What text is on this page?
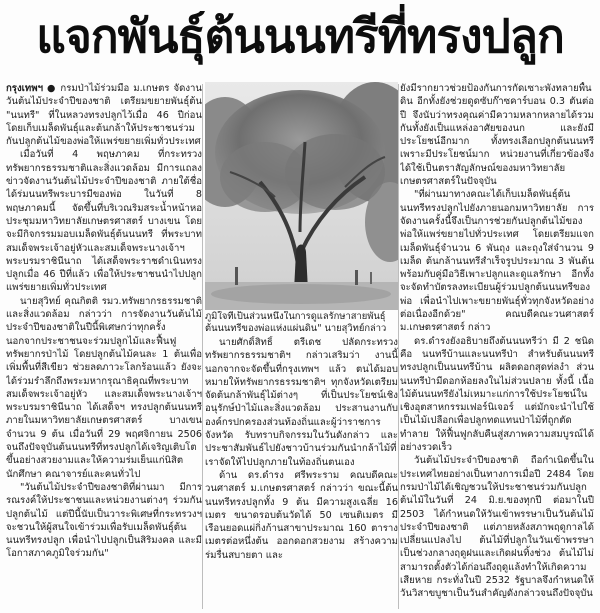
แจกพันธุ์ต้นนนทรีที่ทรงปลูก

กรุงเทพฯ ● กรมป่าไม้ร่วมมือ ม.เกษตร จัดงานวันต้นไม้ประจำปีของชาติ เตรียมขยายพันธุ์ต้น "นนทรี" ที่ในหลวงทรงปลูกไว้เมื่อ 46 ปีก่อน โดยเก็บเมล็ดพันธุ์และต้นกล้าให้ประชาชนร่วมกันปลูกต้นไม้ของพ่อให้แพร่ขยายเพิ่มทั่วประเทศ

เมื่อวันที่ 4 พฤษภาคม ที่กระทรวงทรัพยากรธรรมชาติและสิ่งแวดล้อม มีการแถลงข่าวจัดงานวันต้นไม้ประจำปีของชาติ ภายใต้ชื่อ ได้ร่มนนทรีพระบารมีของพ่อ ในวันที่ 8 พฤษภาคมนี้ จัดขึ้นที่บริเวณริมสระน้ำหน้าหอประชุมมหาวิทยาลัยเกษตรศาสตร์ บางเขน โดยจะมีกิจกรรมมอบเมล็ดพันธุ์ต้นนนทรี ที่พระบาทสมเด็จพระเจ้าอยู่หัวและสมเด็จพระนางเจ้าฯ พระบรมราชินีนาถ ได้เสด็จพระราชดำเนินทรงปลูกเมื่อ 46 ปีที่แล้ว เพื่อให้ประชาชนนำไปปลูกแพร่ขยายเพิ่มทั่วประเทศ

นายสุวิทย์ คุณกิตติ รมว.ทรัพยากรธรรมชาติและสิ่งแวดล้อม กล่าวว่า การจัดงานวันต้นไม้ประจำปีของชาติในปีนี้พิเศษกว่าทุกครั้ง นอกจากประชาชนจะร่วมปลูกไม้และฟื้นฟูทรัพยากรป่าไม้ โดยปลูกต้นไม้คนละ 1 ต้นเพื่อเพิ่มพื้นที่สีเขียว ช่วยลดภาวะโลกร้อนแล้ว ยังจะได้ร่วมรำลึกถึงพระมหากรุณาธิคุณที่พระบาทสมเด็จพระเจ้าอยู่หัว และสมเด็จพระนางเจ้าฯ พระบรมราชินีนาถ ได้เสด็จฯ ทรงปลูกต้นนนทรีภายในมหาวิทยาลัยเกษตรศาสตร์ บางเขน จำนวน 9 ต้น เมื่อวันที่ 29 พฤศจิกายน 2506 จนถึงปัจจุบันต้นนนทรีที่ทรงปลูกได้เจริญเติบโตขึ้นอย่างสวยงามและให้ความร่มเย็นแก่นิสิต นักศึกษา คณาจารย์และคนทั่วไป

"วันต้นไม้ประจำปีของชาติที่ผ่านมา มีการรณรงค์ให้ประชาชนและหน่วยงานต่างๆ ร่วมกันปลูกต้นไม้ แต่ปีนี้นับเป็นวาระพิเศษที่กระทรวงฯ จะชวนให้ผู้สนใจเข้าร่วมเพื่อรับเมล็ดพันธุ์ต้นนนทรีทรงปลูก เพื่อนำไปปลูกเป็นสิริมงคล และมีโอกาสภาคภูมิใจร่วมกัน"

ภูมิใจที่เป็นส่วนหนึ่งในการดูแลรักษาสายพันธุ์ต้นนนทรีของพ่อแห่งแผ่นดิน" นายสุวิทย์กล่าว

นายศักดิ์สิทธิ์ ตรีเดช ปลัดกระทรวงทรัพยากรธรรมชาติฯ กล่าวเสริมว่า งานนี้นอกจากจะจัดขึ้นที่กรุงเทพฯ แล้ว ตนได้มอบหมายให้ทรัพยากรธรรมชาติฯ ทุกจังหวัดเตรียมจัดต้นกล้าพันธุ์ไม้ต่างๆ ที่เป็นประโยชน์เชิงอนุรักษ์ป่าไม้และสิ่งแวดล้อม ประสานงานกับองค์กรปกครองส่วนท้องถิ่นและผู้ว่าราชการจังหวัด รับทราบกิจกรรมในวันดังกล่าว และประชาสัมพันธ์ไปยังชาวบ้านร่วมกันนำกล้าไม้ที่เราจัดให้ไปปลูกภายในท้องถิ่นตนเอง

ด้าน ดร.ดำรง ศรีพระราม คณบดีคณะวนศาสตร์ ม.เกษตรศาสตร์ กล่าวว่า ขณะนี้ต้นนนทรีทรงปลูกทั้ง 9 ต้น มีความสูงเฉลี่ย 16 เมตร ขนาดรอบต้นวัดได้ 50 เซนติเมตร มีเรือนยอดแผ่กิ่งก้านสาขาประมาณ 160 ตารางเมตรต่อหนึ่งต้น ออกดอกสวยงาม สร้างความร่มรื่นสบายตา และ

ยังมีรากยาวช่วยป้องกันการกัดเซาะพังทลายพื้นดิน อีกทั้งยังช่วยดูดซับก๊าซคาร์บอน 0.3 ตันต่อปี จึงนับว่าทรงคุณค่ามีความหลากหลายได้รวมกันทั้งยังเป็นแหล่งอาศัยของนก และยังมีประโยชน์อีกมาก ทั้งทรงเลือกปลูกต้นนนทรีเพราะมีประโยชน์มาก หน่วยงานที่เกี่ยวข้องจึงได้ใช้เป็นตราสัญลักษณ์ของมหาวิทยาลัยเกษตรศาสตร์ในปัจจุบัน

"ที่ผ่านมาทางคณะได้เก็บเมล็ดพันธุ์ต้นนนทรีทรงปลูกไปยังภายนอกมหาวิทยาลัย การจัดงานครั้งนี้จึงเป็นการช่วยกันปลูกต้นไม้ของพ่อให้แพร่ขยายไปทั่วประเทศ โดยเตรียมแจกเมล็ดพันธุ์จำนวน 6 พันถุง และถุงใส่จำนวน 9 เมล็ด ต้นกล้านนทรีสำเร็จรูปประมาณ 3 พันต้น พร้อมกับคู่มือวิธีเพาะปลูกและดูแลรักษา อีกทั้งจะจัดทำบัตรลงทะเบียนผู้ร่วมปลูกต้นนนทรีของพ่อ เพื่อนำไปเพาะขยายพันธุ์ทั่วทุกจังหวัดอย่างต่อเนื่องอีกด้วย" คณบดีคณะวนศาสตร์ ม.เกษตรศาสตร์ กล่าว

ดร.ดำรงยังอธิบายถึงต้นนนทรีว่า มี 2 ชนิด คือ นนทรีบ้านและนนทรีป่า สำหรับต้นนนทรีทรงปลูกเป็นนนทรีบ้าน ผลิตดอกสุดท่ลงำ ส่วนนนทรีป่ามีดอกห้อยลงในไม่ส่วนปลาย ทั้งนี้ เนื้อไม้ต้นนนทรียังไม่เหมาะแก่การใช้ประโยชน์ในเชิงอุตสาหกรรมเฟอร์นิเจอร์ แต่มักจะนำไปใช้เป็นไม้เปลือกเพื่อปลูกทดแทนป่าไม้ที่ถูกตัดทำลาย ให้ฟื้นฟูกลับคืนสู่สภาพความสมบูรณ์ได้อย่างรวดเร็ว

วันต้นไม้ประจำปีของชาติ ถือกำเนิดขึ้นในประเทศไทยอย่างเป็นทางการเมื่อปี 2484 โดยกรมป่าไม้ได้เชิญชวนให้ประชาชนร่วมกันปลูกต้นไม้ในวันที่ 24 มิ.ย.ของทุกปี ต่อมาในปี 2503 ได้กำหนดให้วันเข้าพรรษาเป็นวันต้นไม้ประจำปีของชาติ แต่ภายหลังสภาพฤดูกาลได้เปลี่ยนแปลงไป ต้นไม้ที่ปลูกในวันเข้าพรรษาเป็นช่วงกลางฤดูฝนและเกิดฝนทิ้งช่วง ต้นไม้ไม่สามารถตั้งตัวได้ก่อนถึงฤดูแล้งทำให้เกิดความเสียหาย กระทั่งในปี 2532 รัฐบาลจึงกำหนดให้วันวิสาขบูชาเป็นวันสำคัญดังกล่าวจนถึงปัจจุบัน
